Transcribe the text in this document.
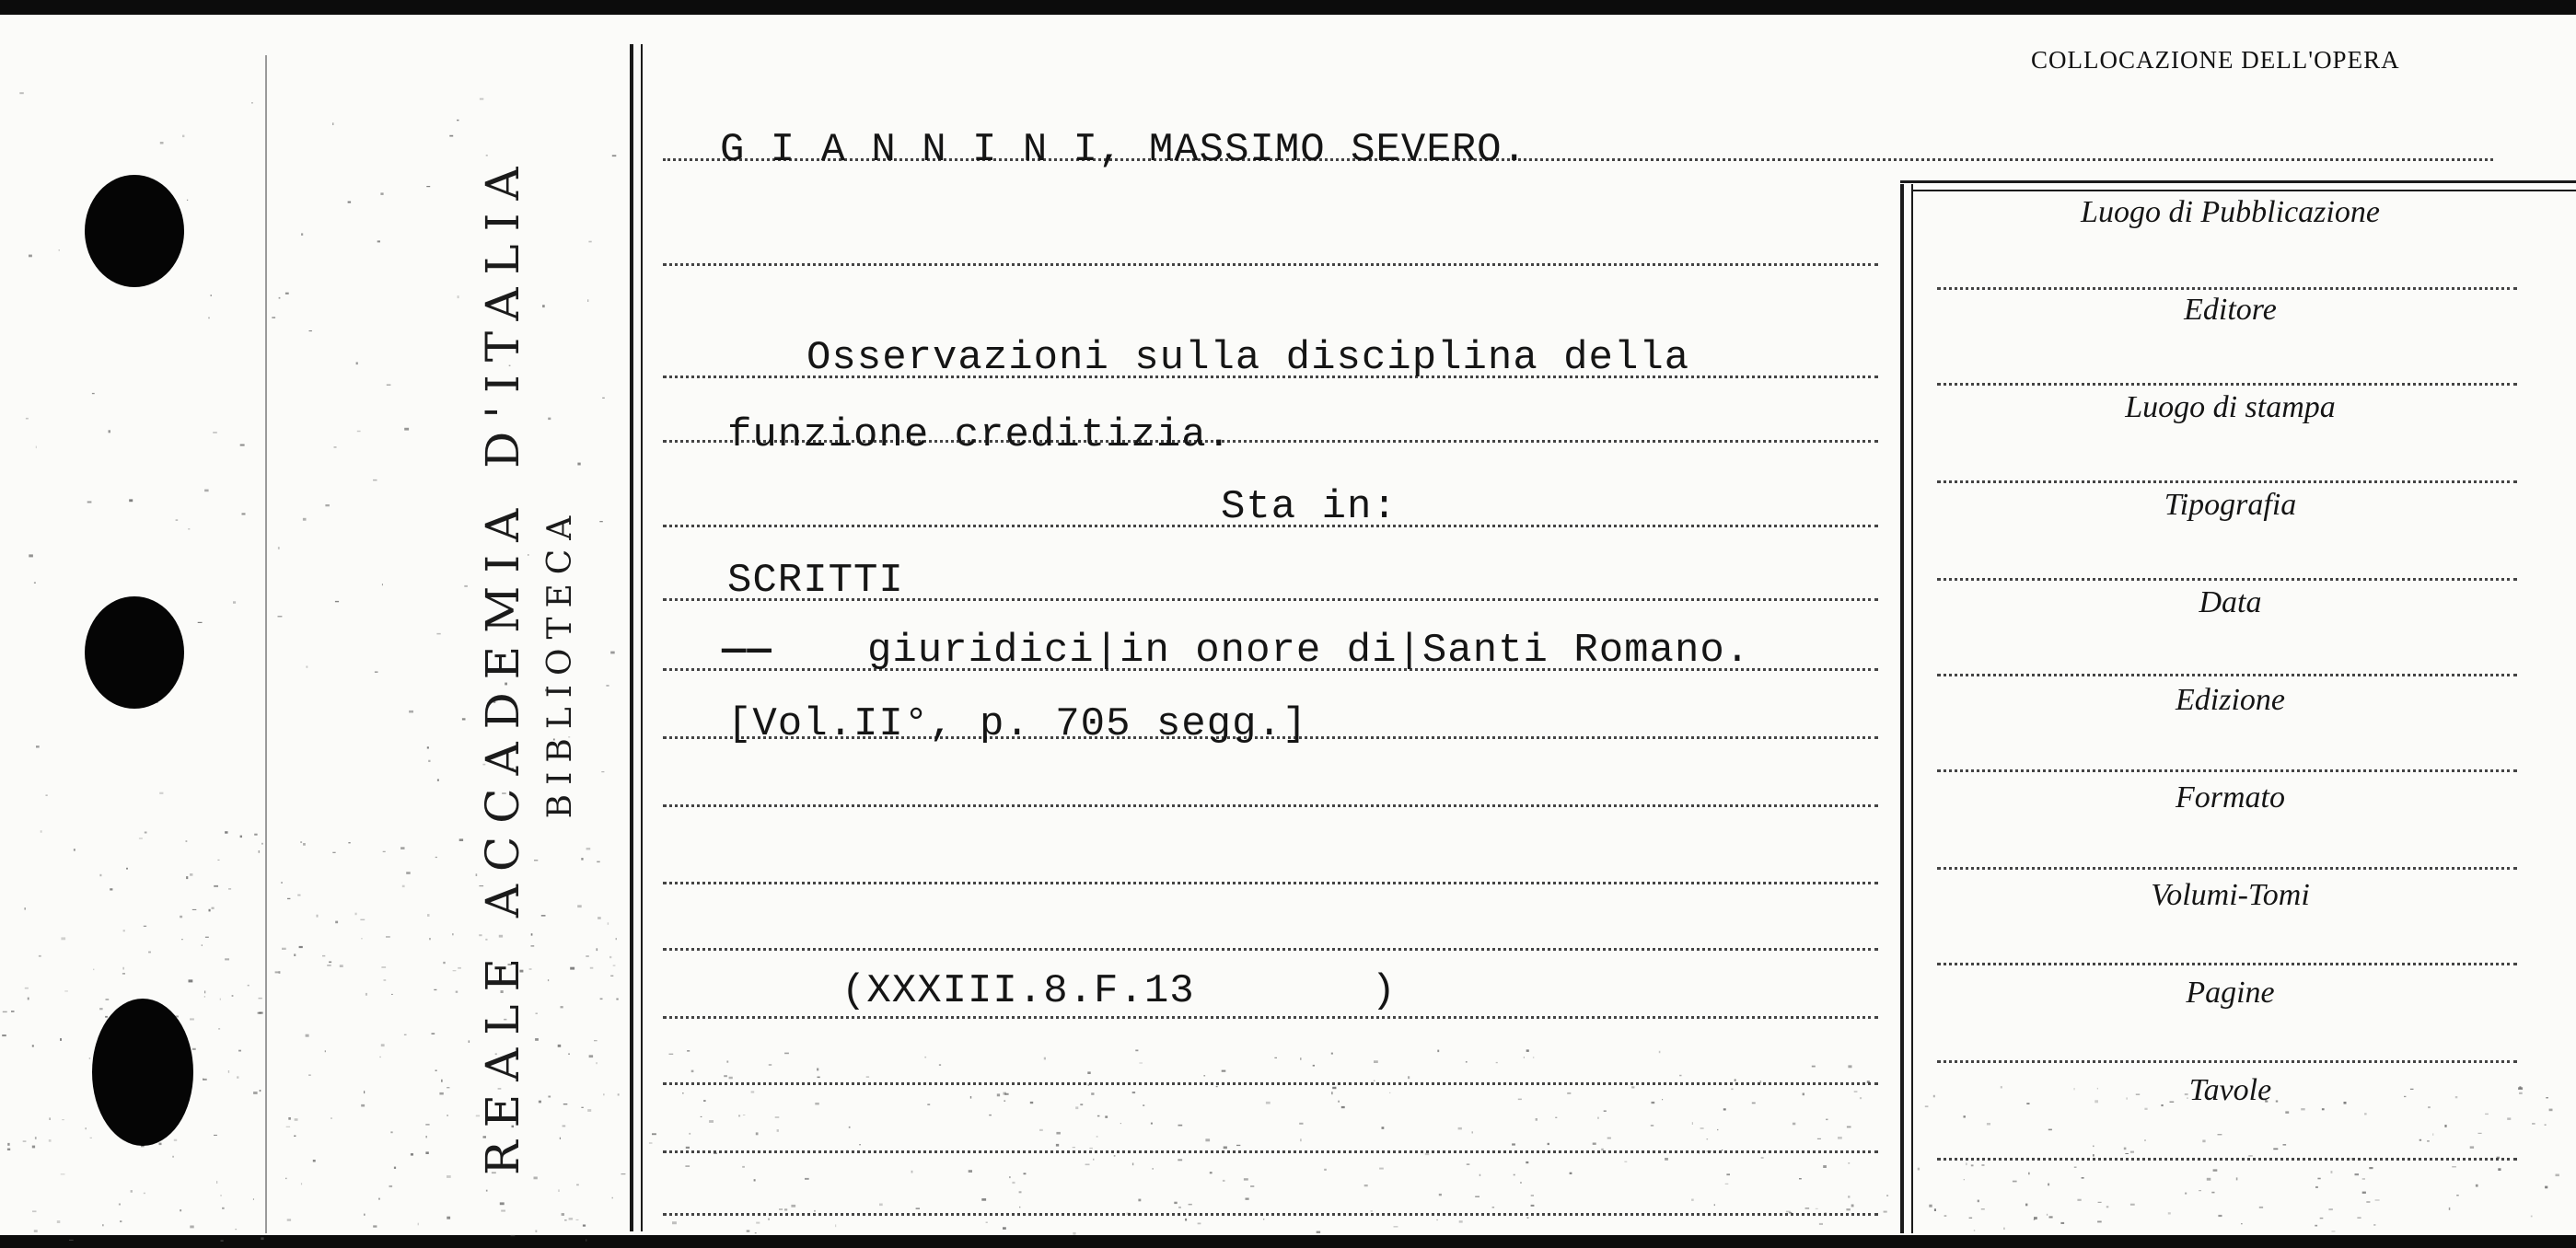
REALE ACCADEMIA D'ITALIA BIBLIOTECA
COLLOCAZIONE DELL'OPERA
G I A N N I N I, MASSIMO SEVERO.
Osservazioni sulla disciplina della
funzione creditizia.
Sta in:
SCRITTI
—— giuridici|in onore di|Santi Romano.
[Vol.II°, p. 705 segg.]
(XXXIII.8.F.13       )
Luogo di Pubblicazione
Editore
Luogo di stampa
Tipografia
Data
Edizione
Formato
Volumi-Tomi
Pagine
Tavole
